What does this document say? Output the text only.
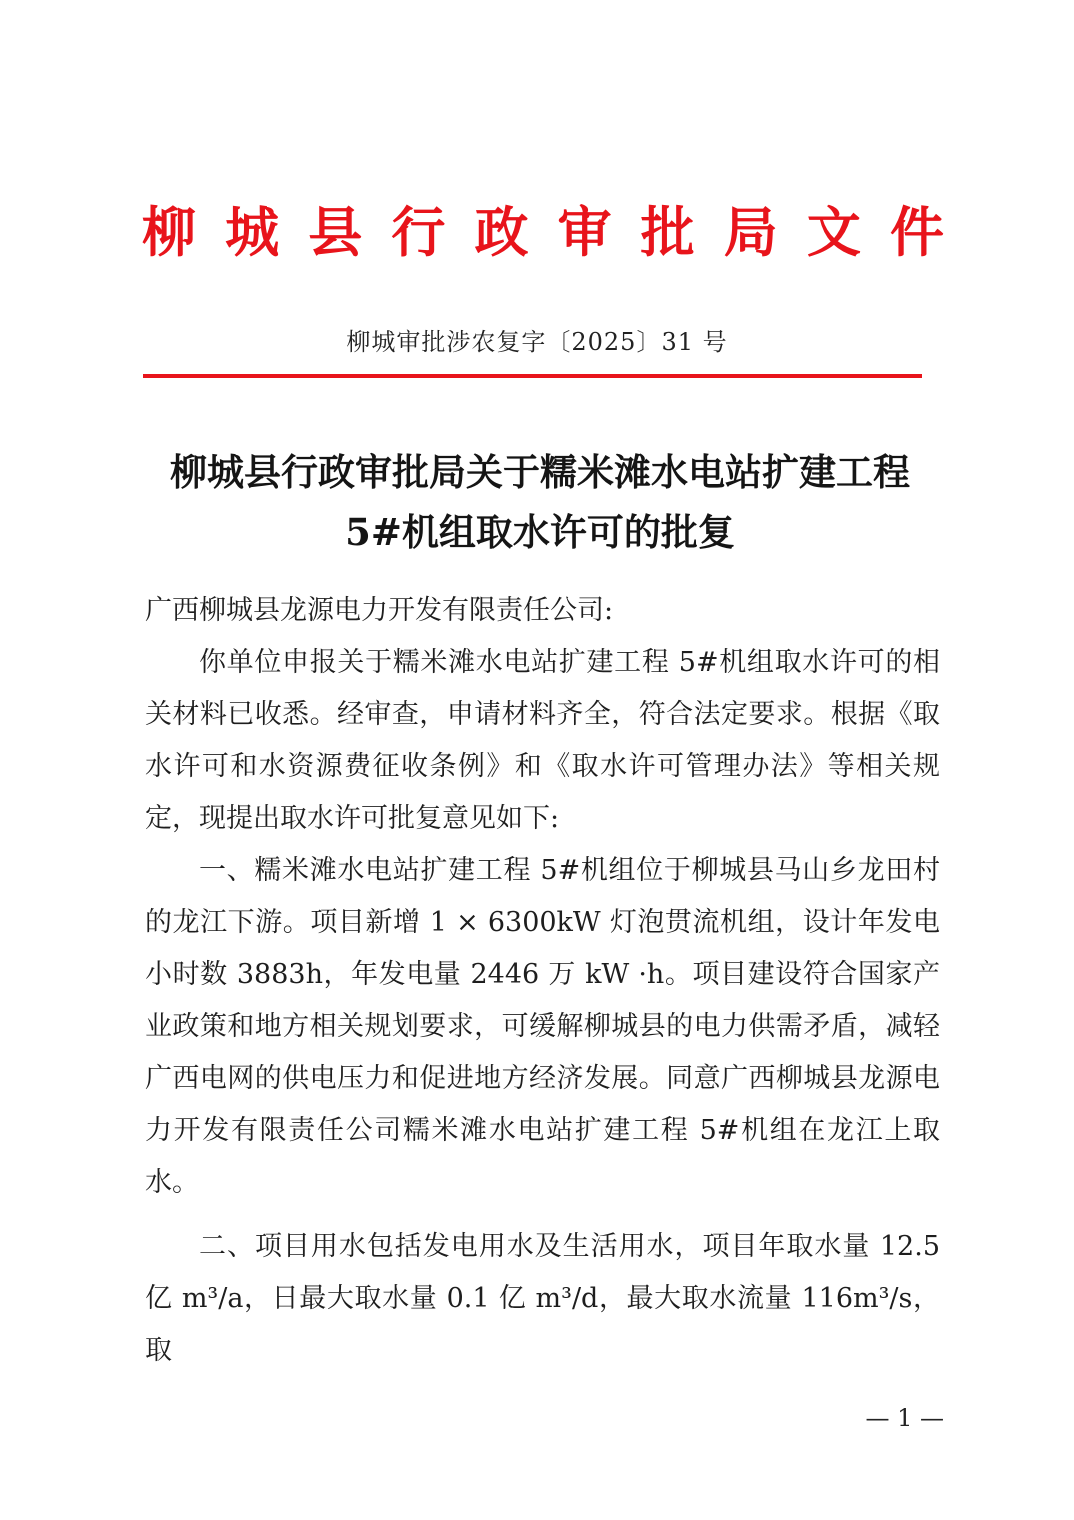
柳 城 县 行 政 审 批 局 文 件
柳城审批涉农复字〔2025〕31 号
柳城县行政审批局关于糯米滩水电站扩建工程
5#机组取水许可的批复

广西柳城县龙源电力开发有限责任公司:

你单位申报关于糯米滩水电站扩建工程 5#机组取水许可的相关材料已收悉。经审查，申请材料齐全，符合法定要求。根据《取水许可和水资源费征收条例》和《取水许可管理办法》等相关规定，现提出取水许可批复意见如下:

一、糯米滩水电站扩建工程 5#机组位于柳城县马山乡龙田村的龙江下游。项目新增 1 × 6300kW 灯泡贯流机组，设计年发电小时数 3883h，年发电量 2446 万 kW ·h。项目建设符合国家产业政策和地方相关规划要求，可缓解柳城县的电力供需矛盾，减轻广西电网的供电压力和促进地方经济发展。同意广西柳城县龙源电力开发有限责任公司糯米滩水电站扩建工程 5#机组在龙江上取水。

二、项目用水包括发电用水及生活用水，项目年取水量 12.5 亿 m³/a，日最大取水量 0.1 亿 m³/d，最大取水流量 116m³/s，取

— 1 —
